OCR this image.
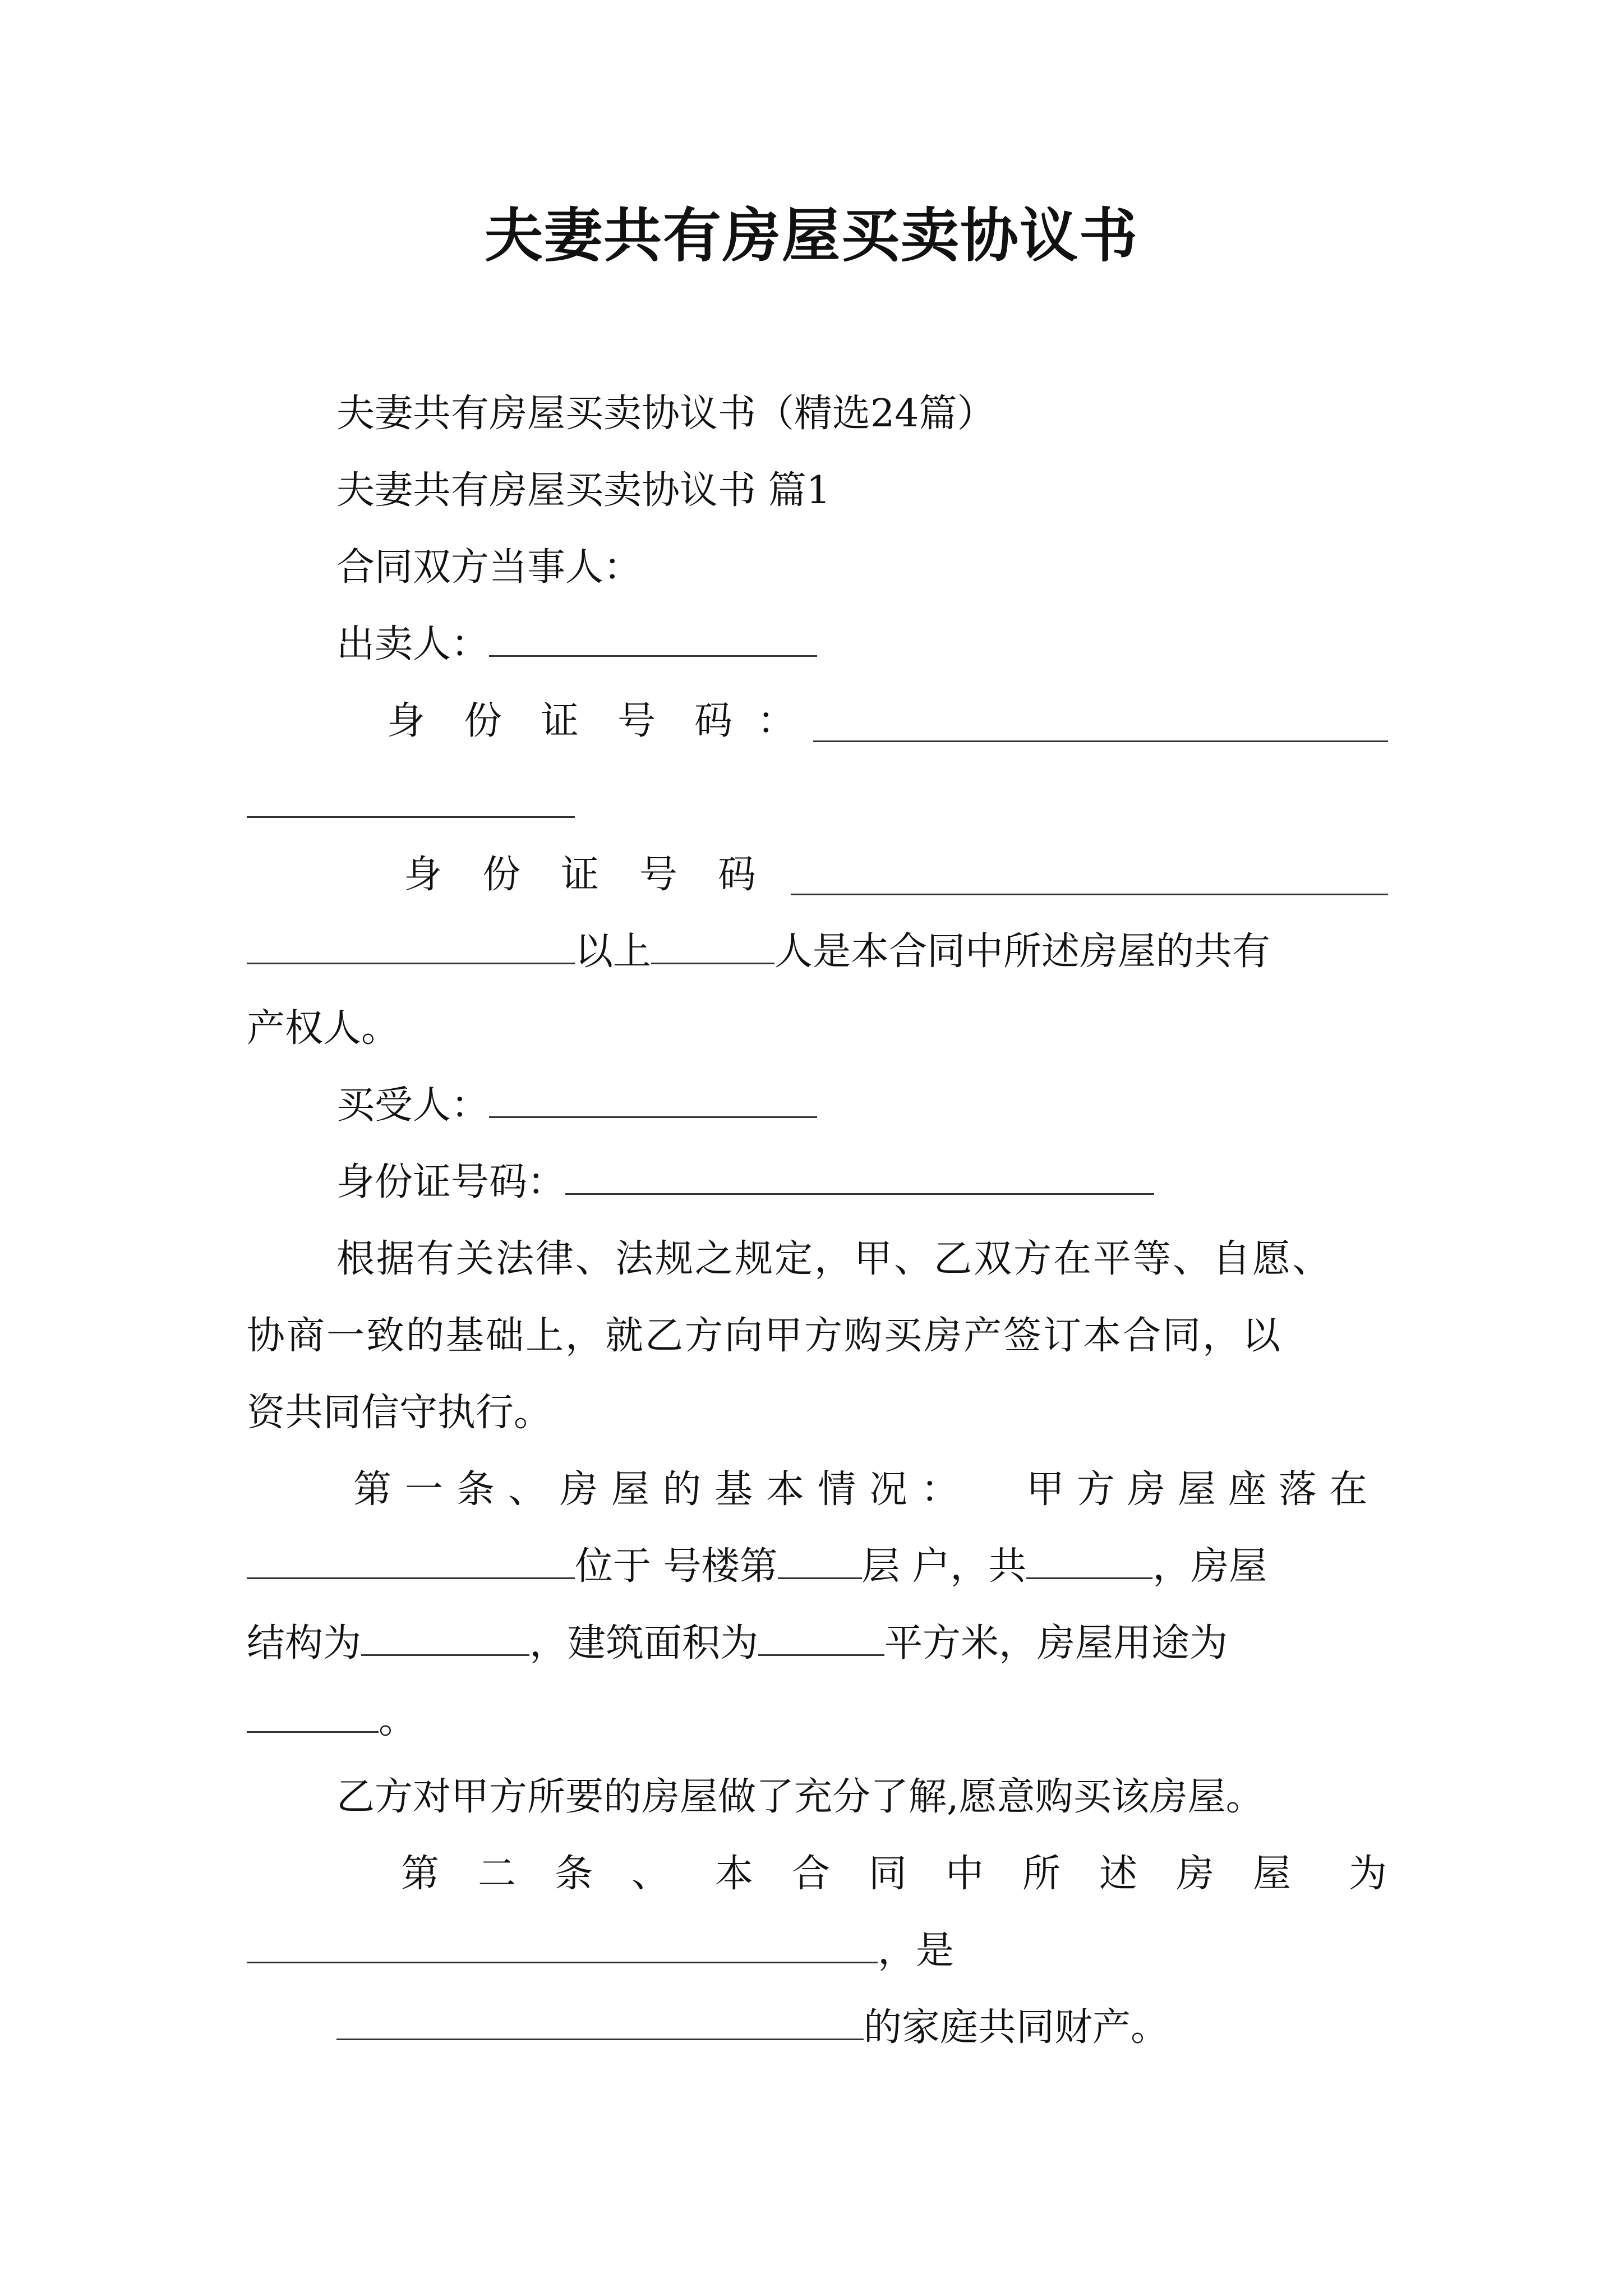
夫妻共有房屋买卖协议书
夫妻共有房屋买卖协议书（精选24篇）
夫妻共有房屋买卖协议书 篇1
合同双方当事人：
出卖人：
身 份 证 号 码 ：
身 份 证 号 码
以上	人是本合同中所述房屋的共有
产权人。
买受人：
身份证号码：
根据有关法律、法规之规定，甲、乙双方在平等、自愿、
协商一致的基础上，就乙方向甲方购买房产签订本合同，以
资共同信守执行。
第 一 条 、 房 屋 的 基 本 情 况 ： 甲 方 房 屋 座 落 在
位于 号楼第 层 户，共	，房屋
结构为	，建筑面积为	平方米，房屋用途为
。
乙方对甲方所要的房屋做了充分了解,愿意购买该房屋。
第 二 条 、 本 合 同 中 所 述 房 屋 为
，是
的家庭共同财产。
